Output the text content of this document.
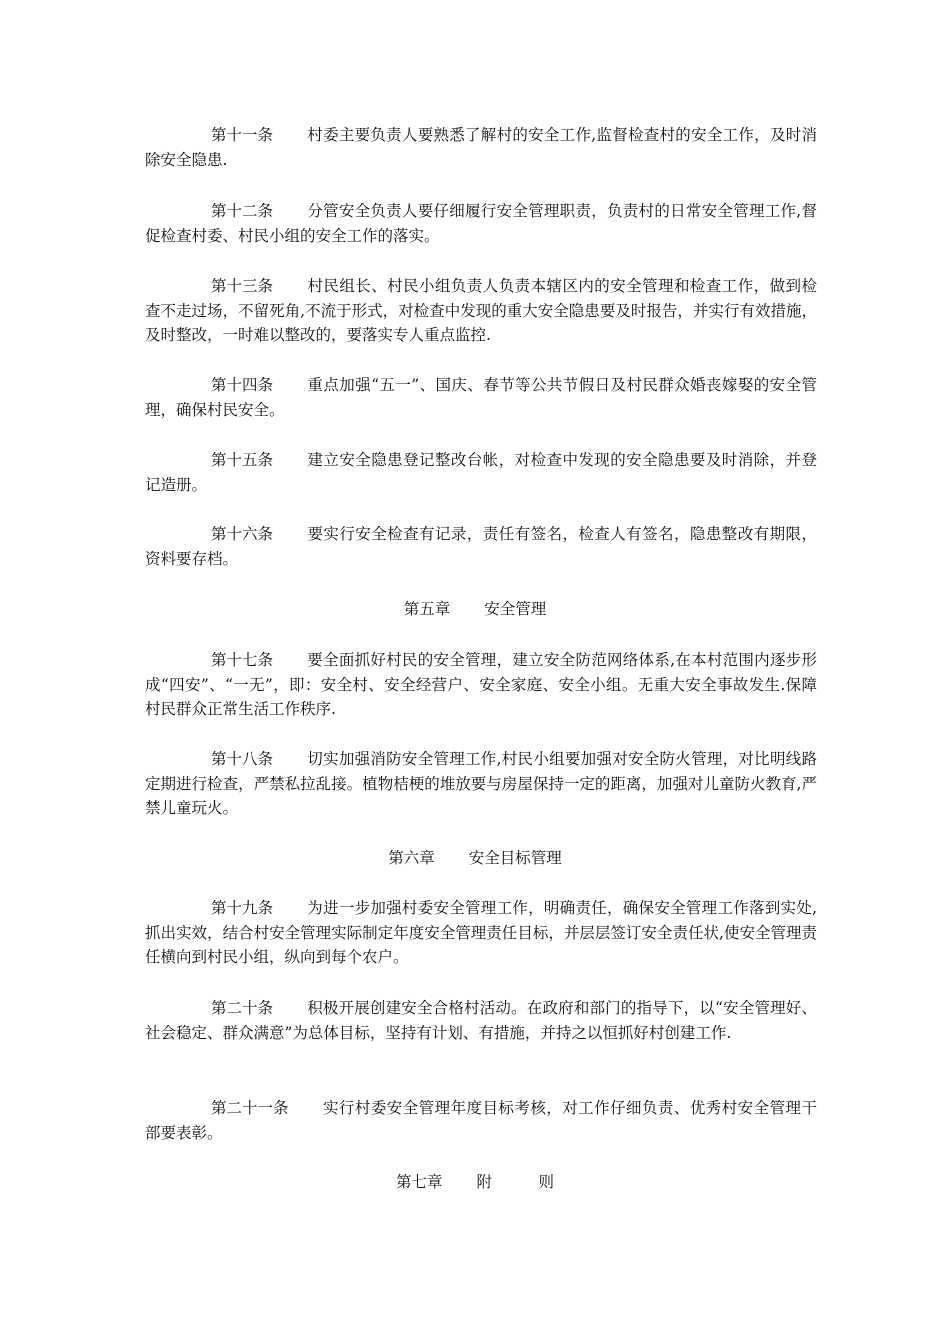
第十一条 村委主要负责人要熟悉了解村的安全工作,监督检查村的安全工作，及时消除安全隐患.

第十二条 分管安全负责人要仔细履行安全管理职责，负责村的日常安全管理工作,督促检查村委、村民小组的安全工作的落实。

第十三条 村民组长、村民小组负责人负责本辖区内的安全管理和检查工作，做到检查不走过场，不留死角,不流于形式，对检查中发现的重大安全隐患要及时报告，并实行有效措施，及时整改，一时难以整改的，要落实专人重点监控.

第十四条 重点加强“五一”、国庆、春节等公共节假日及村民群众婚丧嫁娶的安全管理，确保村民安全。

第十五条 建立安全隐患登记整改台帐，对检查中发现的安全隐患要及时消除，并登记造册。

第十六条 要实行安全检查有记录，责任有签名，检查人有签名，隐患整改有期限，资料要存档。

第五章 安全管理

第十七条 要全面抓好村民的安全管理，建立安全防范网络体系,在本村范围内逐步形成“四安”、“一无”，即：安全村、安全经营户、安全家庭、安全小组。无重大安全事故发生.保障村民群众正常生活工作秩序.

第十八条 切实加强消防安全管理工作,村民小组要加强对安全防火管理，对比明线路定期进行检查，严禁私拉乱接。植物桔梗的堆放要与房屋保持一定的距离，加强对儿童防火教育,严禁儿童玩火。

第六章 安全目标管理

第十九条 为进一步加强村委安全管理工作，明确责任，确保安全管理工作落到实处,抓出实效，结合村安全管理实际制定年度安全管理责任目标，并层层签订安全责任状,使安全管理责任横向到村民小组，纵向到每个农户。

第二十条 积极开展创建安全合格村活动。在政府和部门的指导下，以“安全管理好、社会稳定、群众满意”为总体目标，坚持有计划、有措施，并持之以恒抓好村创建工作.

第二十一条 实行村委安全管理年度目标考核，对工作仔细负责、优秀村安全管理干部要表彰。

第七章 附　　　则
